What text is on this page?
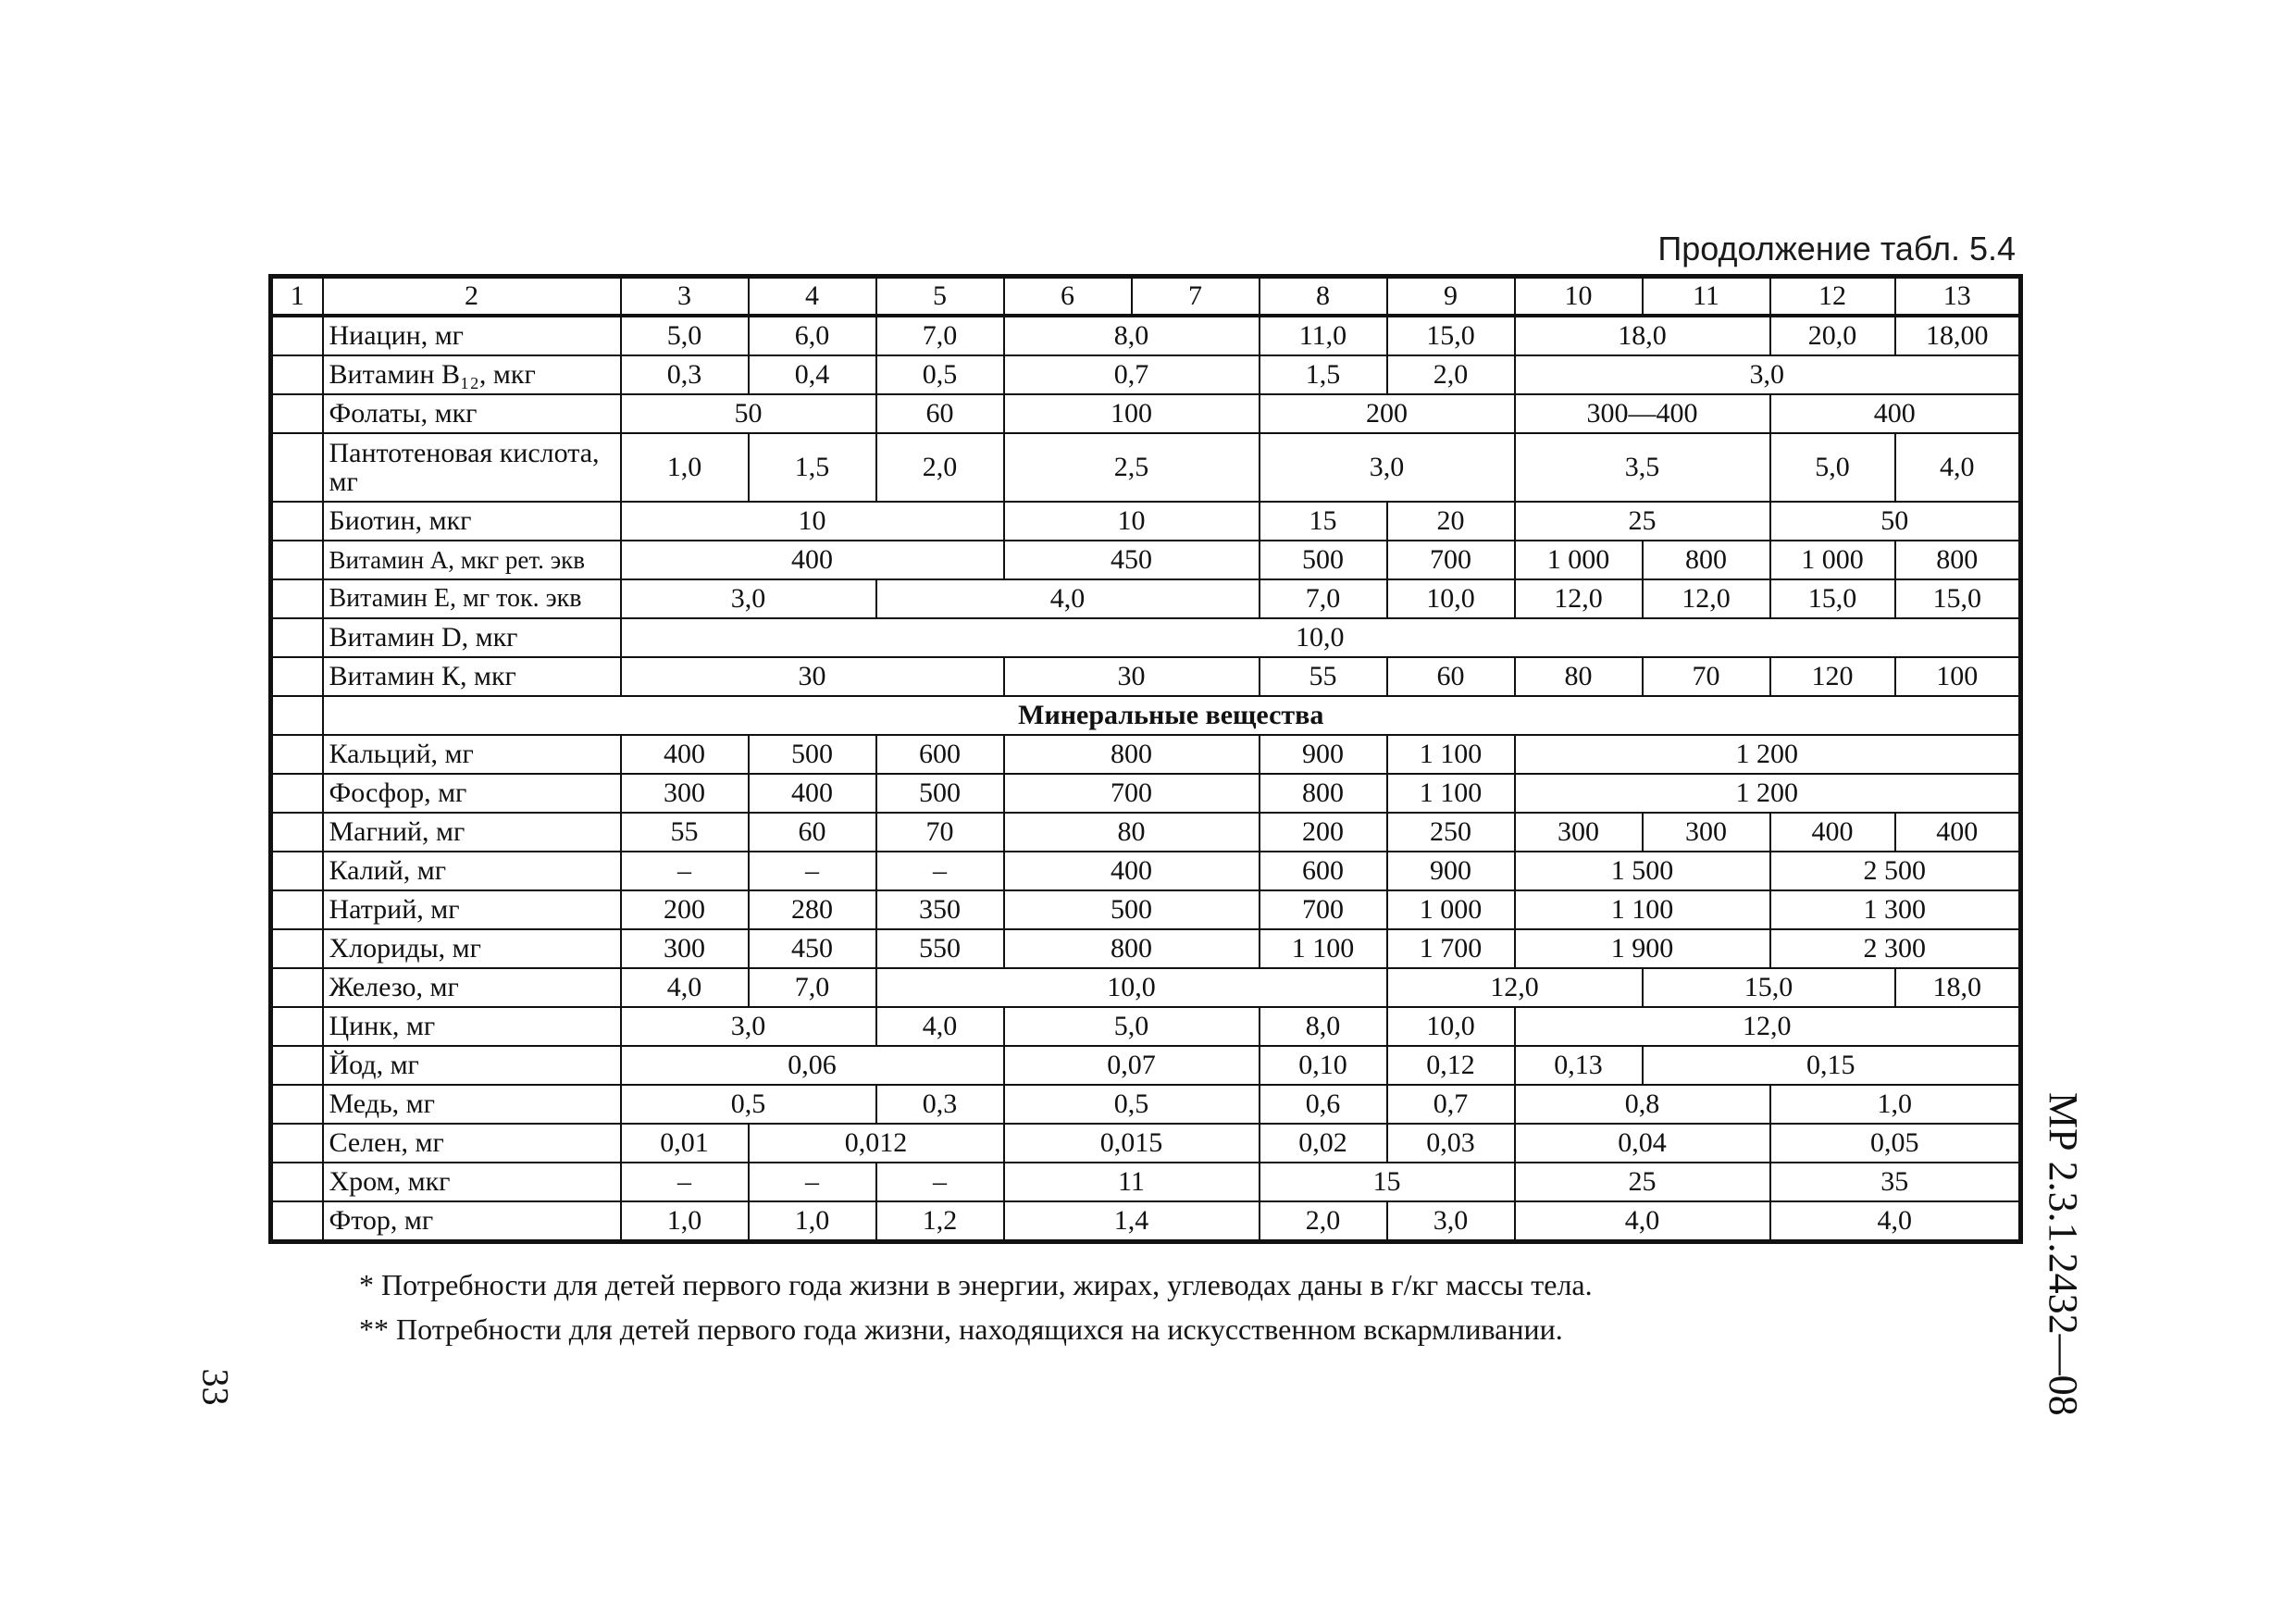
Продолжение табл. 5.4
1	2	3	4	5	6	7	8	9	10	11	12	13
	Ниацин, мг	5,0	6,0	7,0	8,0		11,0	15,0	18,0		20,0	18,00
	Витамин B₁₂, мкг	0,3	0,4	0,5	0,7		1,5	2,0	3,0			
	Фолаты, мкг	50		60	100		200		300—400		400	
	Пантотеновая кислота, мг	1,0	1,5	2,0	2,5		3,0		3,5		5,0	4,0
	Биотин, мкг	10			10		15	20	25		50	
	Витамин А, мкг рет. экв	400			450		500	700	1 000	800	1 000	800
	Витамин Е, мг ток. экв	3,0		4,0			7,0	10,0	12,0	12,0	15,0	15,0
	Витамин D, мкг	10,0										
	Витамин К, мкг	30			30		55	60	80	70	120	100
	Минеральные вещества											
	Кальций, мг	400	500	600	800		900	1 100	1 200			
	Фосфор, мг	300	400	500	700		800	1 100	1 200			
	Магний, мг	55	60	70	80		200	250	300	300	400	400
	Калий, мг	–	–	–	400		600	900	1 500		2 500	
	Натрий, мг	200	280	350	500		700	1 000	1 100		1 300	
	Хлориды, мг	300	450	550	800		1 100	1 700	1 900		2 300	
	Железо, мг	4,0	7,0	10,0				12,0		15,0		18,0
	Цинк, мг	3,0		4,0	5,0		8,0	10,0	12,0			
	Йод, мг	0,06			0,07		0,10	0,12	0,13	0,15		
	Медь, мг	0,5		0,3	0,5		0,6	0,7	0,8		1,0	
	Селен, мг	0,01	0,012		0,015		0,02	0,03	0,04		0,05	
	Хром, мкг	–	–	–	11		15		25		35	
	Фтор, мг	1,0	1,0	1,2	1,4		2,0	3,0	4,0		4,0	
* Потребности для детей первого года жизни в энергии, жирах, углеводах даны в г/кг массы тела.
** Потребности для детей первого года жизни, находящихся на искусственном вскармливании.
33	МР 2.3.1.2432—08
